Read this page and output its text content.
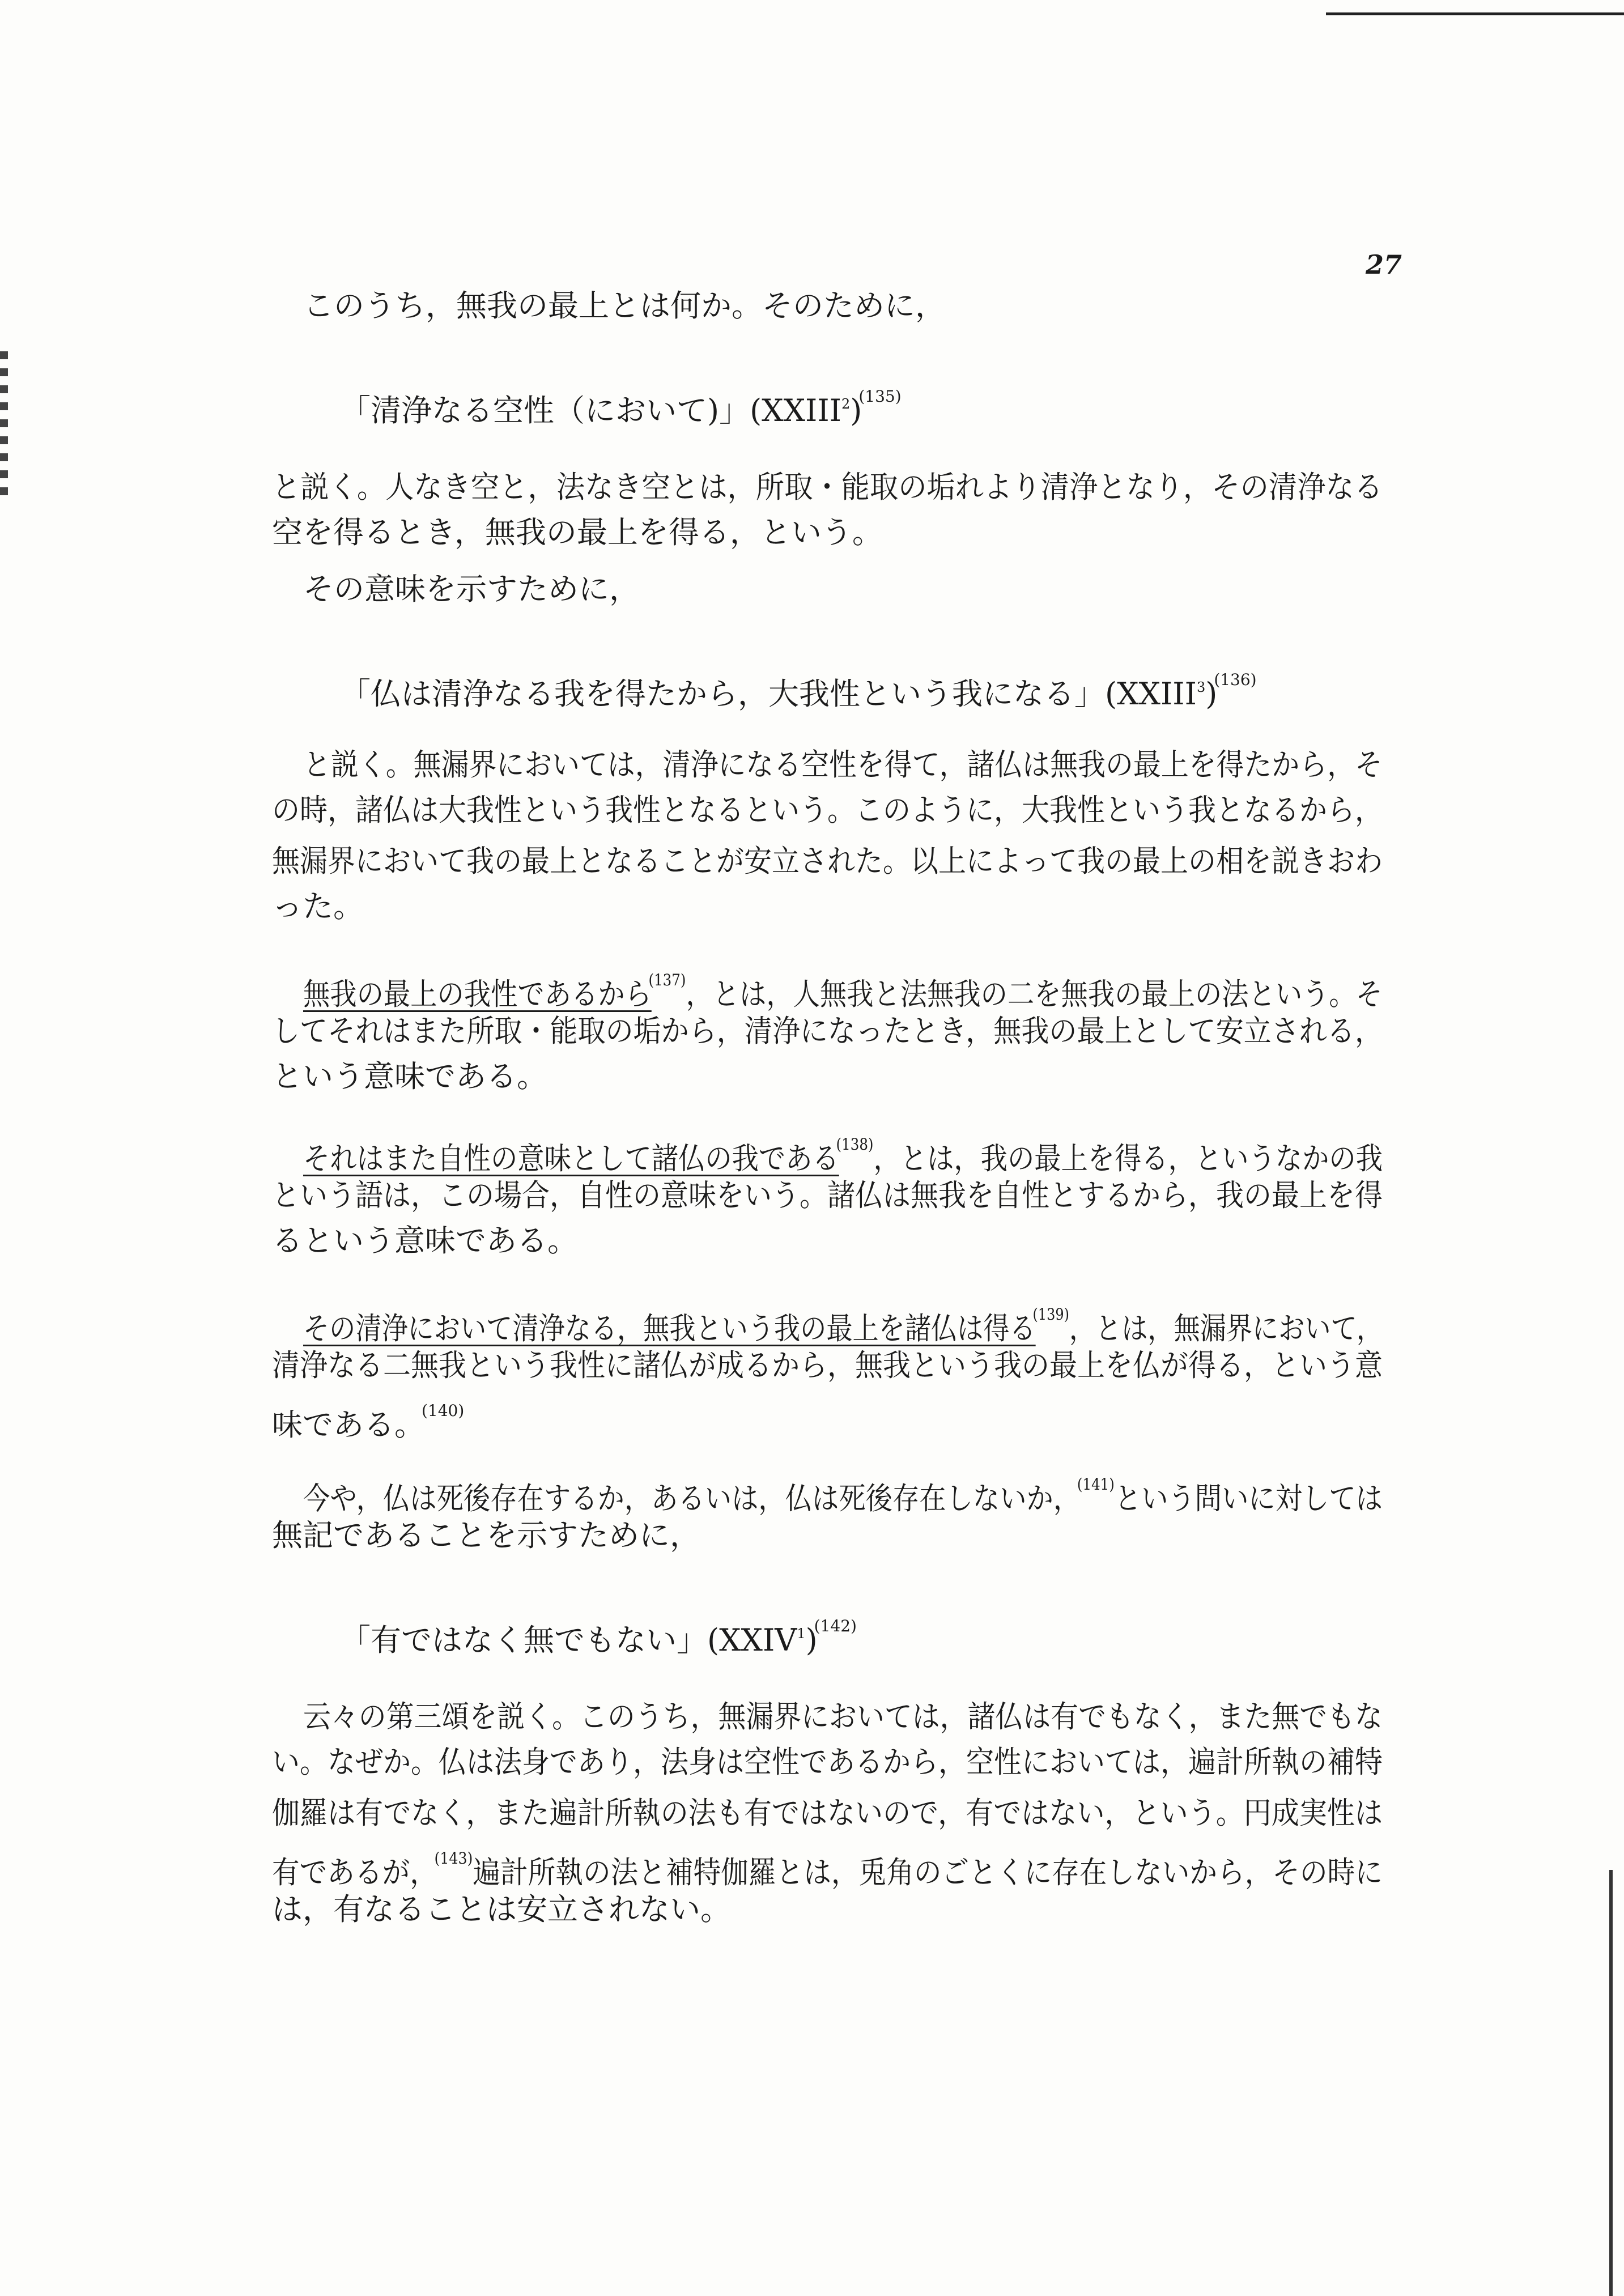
27
このうち，無我の最上とは何か。そのために，
「清浄なる空性（において)」(XXIII$^2$)$^{(135)}$
と説く。人なき空と，法なき空とは，所取・能取の垢れより清浄となり，その清浄なる
空を得るとき，無我の最上を得る，という。
その意味を示すために，
「仏は清浄なる我を得たから，大我性という我になる」(XXIII$^3$)$^{(136)}$
と説く。無漏界においては，清浄になる空性を得て，諸仏は無我の最上を得たから，そ
の時，諸仏は大我性という我性となるという。このように，大我性という我となるから，
無漏界において我の最上となることが安立された。以上によって我の最上の相を説きおわ
った。
無我の最上の我性であるから$^{(137)}$，とは，人無我と法無我の二を無我の最上の法という。そ
してそれはまた所取・能取の垢から，清浄になったとき，無我の最上として安立される，
という意味である。
それはまた自性の意味として諸仏の我である$^{(138)}$，とは，我の最上を得る，というなかの我
という語は，この場合，自性の意味をいう。諸仏は無我を自性とするから，我の最上を得
るという意味である。
その清浄において清浄なる，無我という我の最上を諸仏は得る$^{(139)}$，とは，無漏界において，
清浄なる二無我という我性に諸仏が成るから，無我という我の最上を仏が得る，という意
味である。$^{(140)}$
今や，仏は死後存在するか，あるいは，仏は死後存在しないか，$^{(141)}$という問いに対しては
無記であることを示すために，
「有ではなく無でもない」(XXIV$^1$)$^{(142)}$
云々の第三頌を説く。このうち，無漏界においては，諸仏は有でもなく，また無でもな
い。なぜか。仏は法身であり，法身は空性であるから，空性においては，遍計所執の補特
伽羅は有でなく，また遍計所執の法も有ではないので，有ではない，という。円成実性は
有であるが，$^{(143)}$遍計所執の法と補特伽羅とは，兎角のごとくに存在しないから，その時に
は，有なることは安立されない。
